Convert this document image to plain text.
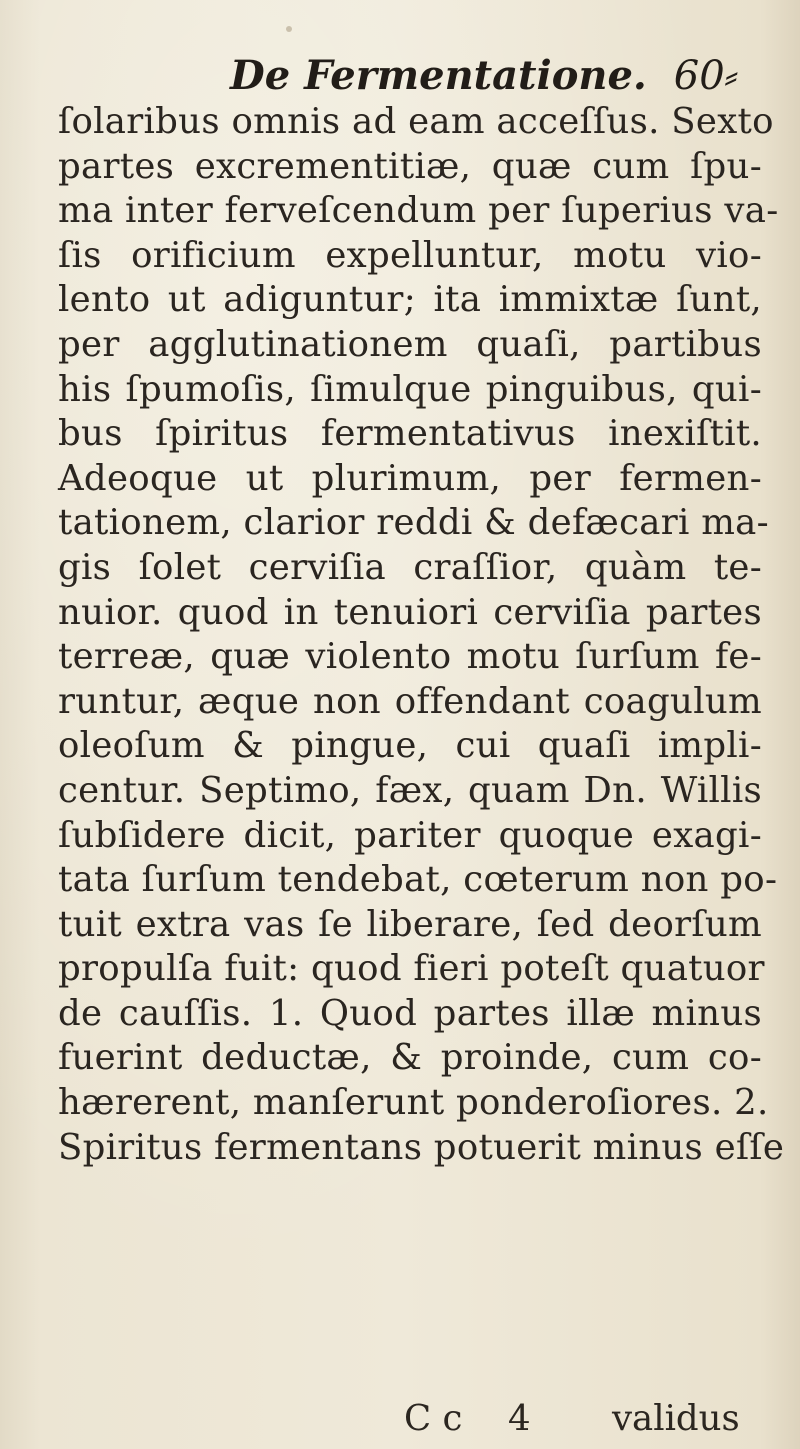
De Fermentatione. 60⸗
ſolaribus omnis ad eam acceſſus. Sexto
partes excrementitiæ, quæ cum ſpu-
ma inter ferveſcendum per ſuperius va-
ſis orificium expelluntur, motu vio-
lento ut adiguntur; ita immixtæ ſunt,
per agglutinationem quaſi, partibus
his ſpumoſis, ſimulque pinguibus, qui-
bus ſpiritus fermentativus inexiſtit.
Adeoque ut plurimum, per fermen-
tationem, clarior reddi & defæcari ma-
gis ſolet cerviſia craſſior, quàm te-
nuior. quod in tenuiori cerviſia partes
terreæ, quæ violento motu ſurſum fe-
runtur, æque non offendant coagulum
oleoſum & pingue, cui quaſi impli-
centur. Septimo, fæx, quam Dn. Willis
ſubſidere dicit, pariter quoque exagi-
tata ſurſum tendebat, cœterum non po-
tuit extra vas ſe liberare, ſed deorſum
propulſa fuit: quod fieri poteſt quatuor
de cauſſis. 1. Quod partes illæ minus
fuerint deductæ, & proinde, cum co-
hærerent, manſerunt ponderoſiores. 2.
Spiritus fermentans potuerit minus eſſe
C c 4 validus
